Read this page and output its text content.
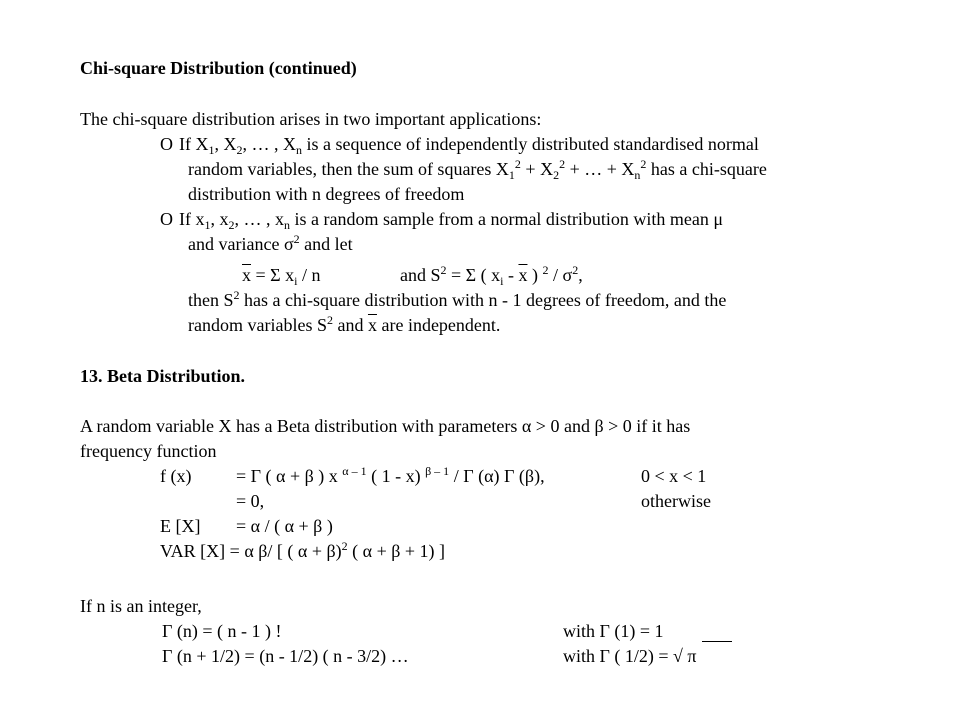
Chi-square Distribution (continued)
The chi-square distribution arises in two important applications:
O If $X_1$, $X_2$, … , $X_n$ is a sequence of independently distributed standardised normal
random variables, then the sum of squares $X_1^2 + X_2^2$ + … + $X_n^2$ has a chi-square
distribution with n degrees of freedom
O If $x_1$, $x_2$, … , $x_n$ is a random sample from a normal distribution with mean μ
and variance $\sigma^2$ and let
$\overline{x} = \Sigma$ $x_i$ / n	and $S^2 = \Sigma$ ( $x_i - \overline{x}$ ) $^2 / \sigma^2$,
then $S^2$ has a chi-square distribution with n - 1 degrees of freedom, and the
random variables $S^2$ and $\overline{x}$ are independent.
13. Beta Distribution.
A random variable X has a Beta distribution with parameters α > 0 and β > 0 if it has
frequency function
f (x) = Γ ( α + β ) x $^{\alpha - 1}$ ( 1 - x) $^{\beta - 1}$ / Γ (α) Γ (β),	0 < x < 1
= 0,	otherwise
E [X] = α / ( α + β )
VAR [X] = α β/ [ ( α + β)$^2$ ( α + β + 1) ]
If n is an integer,
Γ (n) = ( n - 1 ) !	with Γ (1) = 1
Γ (n + 1/2) = (n - 1/2) ( n - 3/2) …	with Γ ( 1/2) = √ π
